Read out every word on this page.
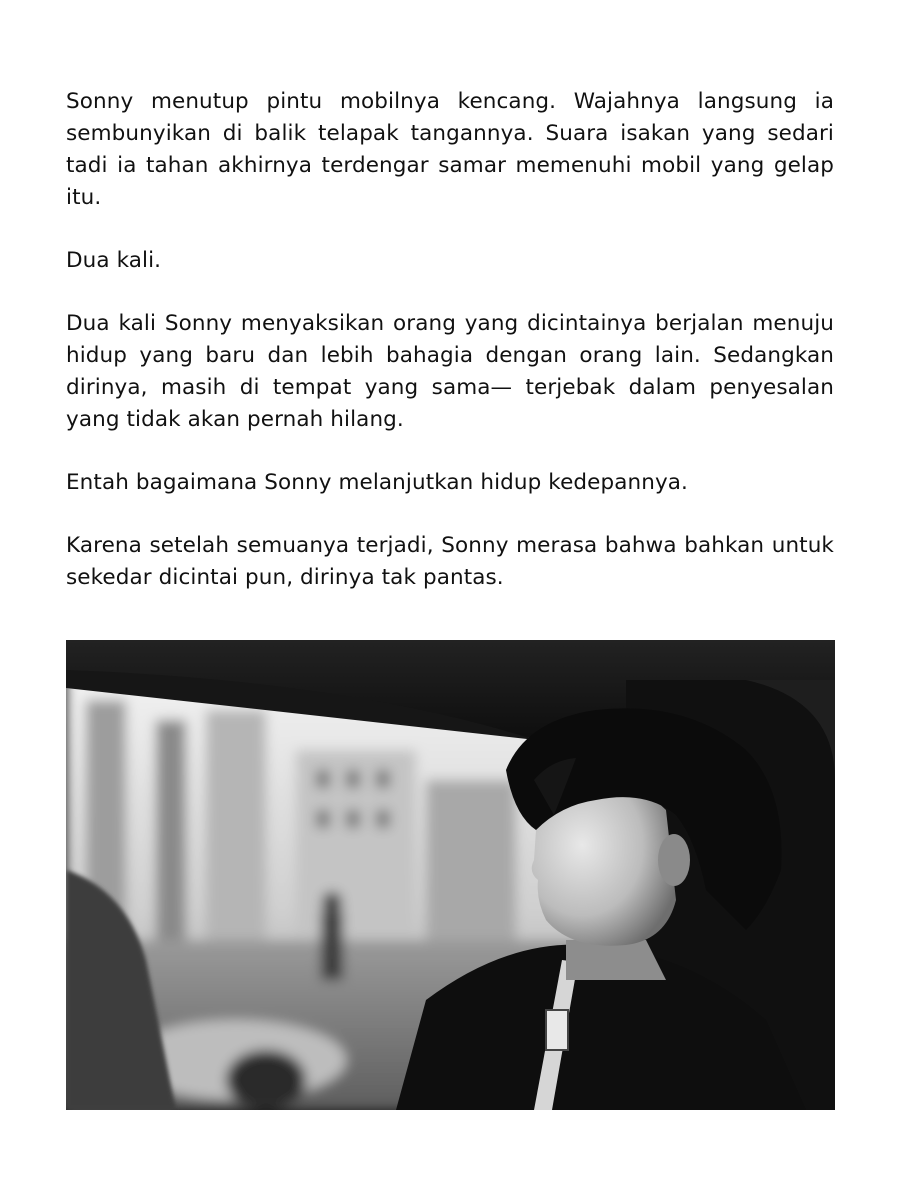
Sonny menutup pintu mobilnya kencang. Wajahnya langsung ia sembunyikan di balik telapak tangannya. Suara isakan yang sedari tadi ia tahan akhirnya terdengar samar memenuhi mobil yang gelap itu.

Dua kali.

Dua kali Sonny menyaksikan orang yang dicintainya berjalan menuju hidup yang baru dan lebih bahagia dengan orang lain. Sedangkan dirinya, masih di tempat yang sama— terjebak dalam penyesalan yang tidak akan pernah hilang.

Entah bagaimana Sonny melanjutkan hidup kedepannya.

Karena setelah semuanya terjadi, Sonny merasa bahwa bahkan untuk sekedar dicintai pun, dirinya tak pantas.
